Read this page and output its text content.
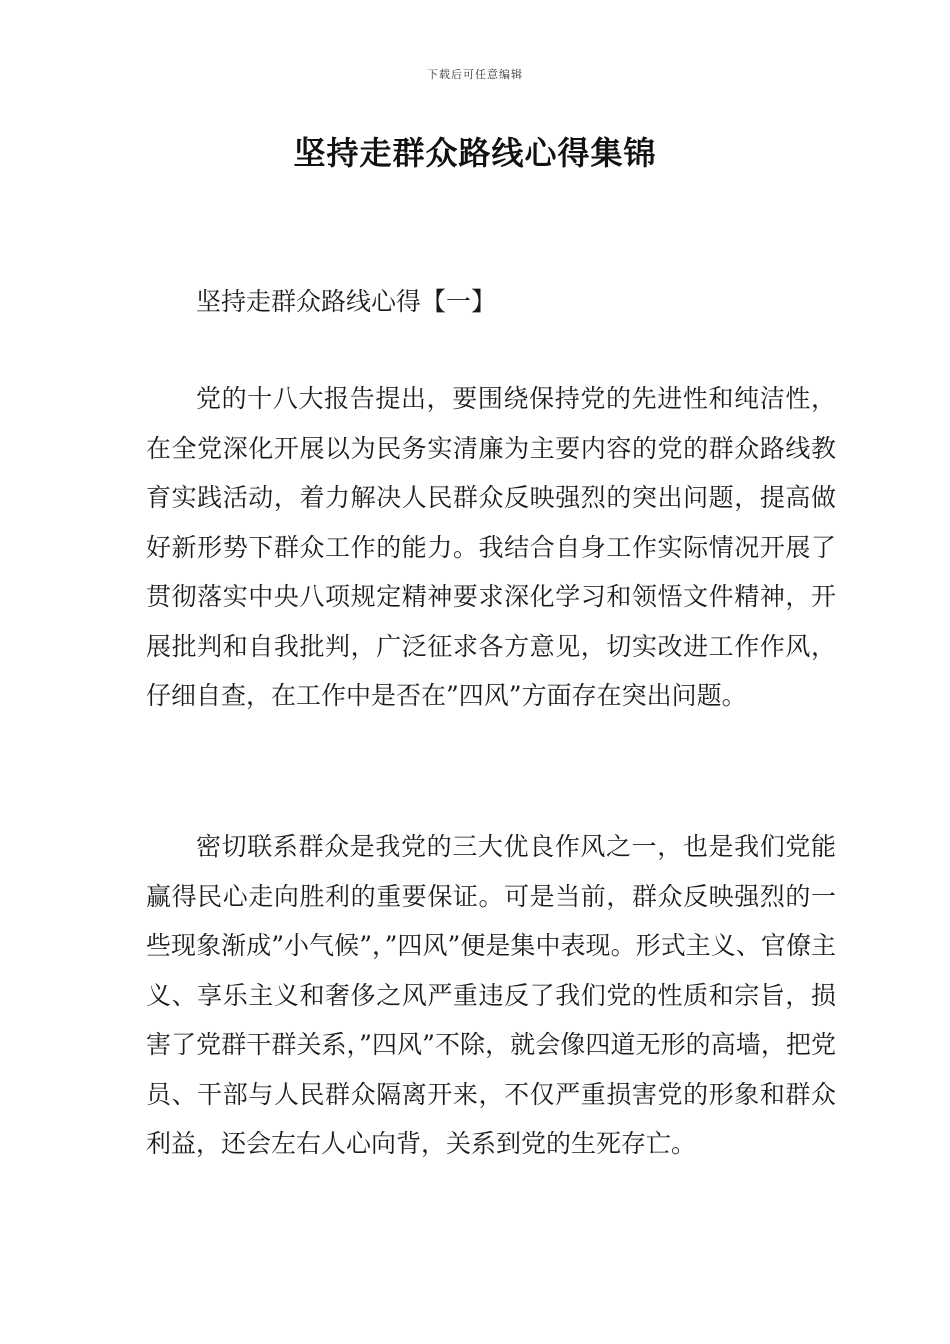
下载后可任意编辑
坚持走群众路线心得集锦
坚持走群众路线心得【一】

党的十八大报告提出，要围绕保持党的先进性和纯洁性，在全党深化开展以为民务实清廉为主要内容的党的群众路线教育实践活动，着力解决人民群众反映强烈的突出问题，提高做好新形势下群众工作的能力。我结合自身工作实际情况开展了贯彻落实中央八项规定精神要求深化学习和领悟文件精神，开展批判和自我批判，广泛征求各方意见，切实改进工作作风，仔细自查，在工作中是否在”四风”方面存在突出问题。

密切联系群众是我党的三大优良作风之一，也是我们党能赢得民心走向胜利的重要保证。可是当前，群众反映强烈的一些现象渐成”小气候”，”四风”便是集中表现。形式主义、官僚主义、享乐主义和奢侈之风严重违反了我们党的性质和宗旨，损害了党群干群关系，”四风”不除，就会像四道无形的高墙，把党员、干部与人民群众隔离开来，不仅严重损害党的形象和群众利益，还会左右人心向背，关系到党的生死存亡。
